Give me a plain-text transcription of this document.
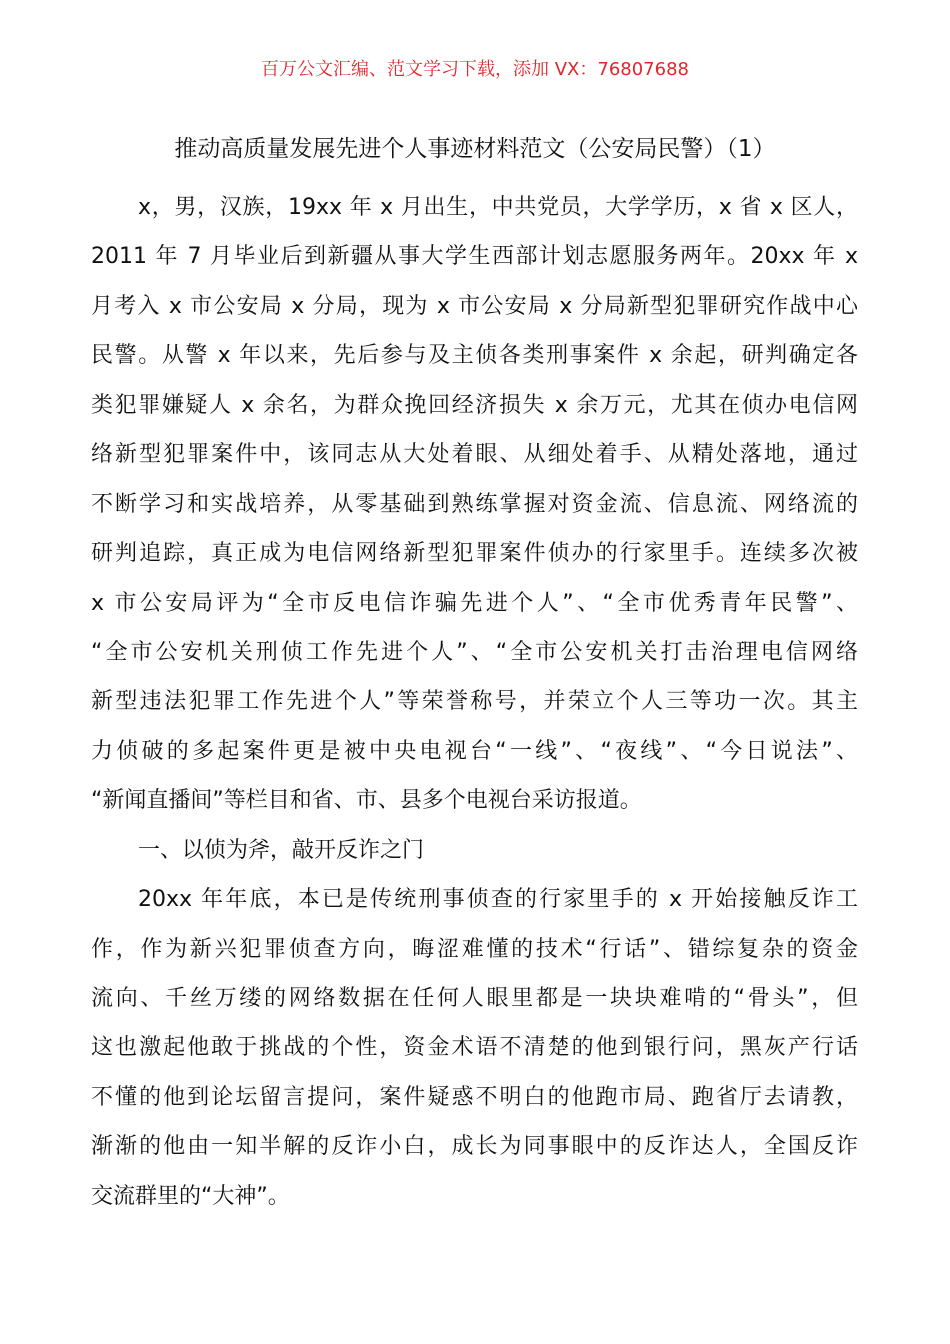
百万公文汇编、范文学习下载，添加 VX：76807688
推动高质量发展先进个人事迹材料范文（公安局民警）（1）
x，男，汉族，19xx 年 x 月出生，中共党员，大学学历，x 省 x 区人，
2011 年 7 月毕业后到新疆从事大学生西部计划志愿服务两年。20xx 年 x
月考入 x 市公安局 x 分局，现为 x 市公安局 x 分局新型犯罪研究作战中心
民警。从警 x 年以来，先后参与及主侦各类刑事案件 x 余起，研判确定各
类犯罪嫌疑人 x 余名，为群众挽回经济损失 x 余万元，尤其在侦办电信网
络新型犯罪案件中，该同志从大处着眼、从细处着手、从精处落地，通过
不断学习和实战培养，从零基础到熟练掌握对资金流、信息流、网络流的
研判追踪，真正成为电信网络新型犯罪案件侦办的行家里手。连续多次被
x 市公安局评为“全市反电信诈骗先进个人”、“全市优秀青年民警”、
“全市公安机关刑侦工作先进个人”、“全市公安机关打击治理电信网络
新型违法犯罪工作先进个人”等荣誉称号，并荣立个人三等功一次。其主
力侦破的多起案件更是被中央电视台“一线”、“夜线”、“今日说法”、
“新闻直播间”等栏目和省、市、县多个电视台采访报道。
一、以侦为斧，敲开反诈之门
20xx 年年底，本已是传统刑事侦查的行家里手的 x 开始接触反诈工
作，作为新兴犯罪侦查方向，晦涩难懂的技术“行话”、错综复杂的资金
流向、千丝万缕的网络数据在任何人眼里都是一块块难啃的“骨头”，但
这也激起他敢于挑战的个性，资金术语不清楚的他到银行问，黑灰产行话
不懂的他到论坛留言提问，案件疑惑不明白的他跑市局、跑省厅去请教，
渐渐的他由一知半解的反诈小白，成长为同事眼中的反诈达人，全国反诈
交流群里的“大神”。
